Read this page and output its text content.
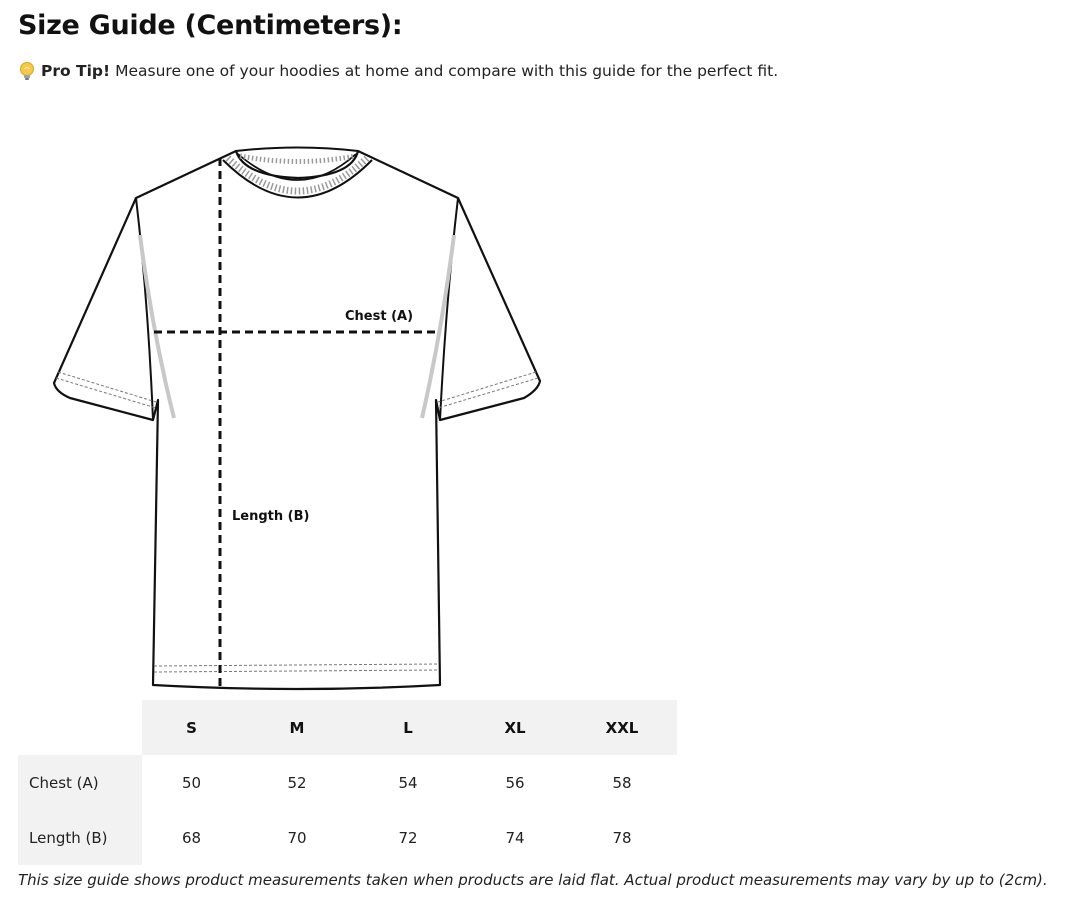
Size Guide (Centimeters):
Pro Tip! Measure one of your hoodies at home and compare with this guide for the perfect fit.
Chest (A)
Length (B)
	S	M	L	XL	XXL
Chest (A)	50	52	54	56	58
Length (B)	68	70	72	74	78
This size guide shows product measurements taken when products are laid flat. Actual product measurements may vary by up to (2cm).
